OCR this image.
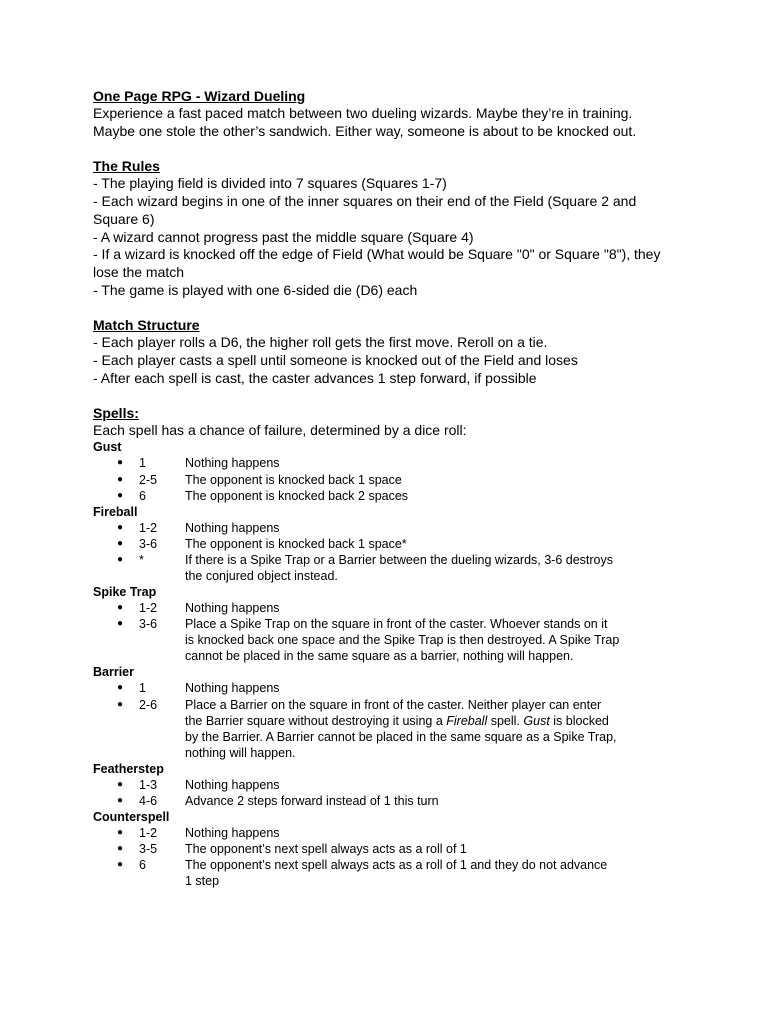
One Page RPG - Wizard Dueling
Experience a fast paced match between two dueling wizards. Maybe they’re in training.
Maybe one stole the other’s sandwich. Either way, someone is about to be knocked out.
The Rules
- The playing field is divided into 7 squares (Squares 1-7)
- Each wizard begins in one of the inner squares on their end of the Field (Square 2 and
Square 6)
- A wizard cannot progress past the middle square (Square 4)
- If a wizard is knocked off the edge of Field (What would be Square "0" or Square "8"), they
lose the match
- The game is played with one 6-sided die (D6) each
Match Structure
- Each player rolls a D6, the higher roll gets the first move. Reroll on a tie.
- Each player casts a spell until someone is knocked out of the Field and loses
- After each spell is cast, the caster advances 1 step forward, if possible
Spells:
Each spell has a chance of failure, determined by a dice roll:
Gust
●	1	Nothing happens
●	2-5	The opponent is knocked back 1 space
●	6	The opponent is knocked back 2 spaces
Fireball
●	1-2	Nothing happens
●	3-6	The opponent is knocked back 1 space*
●	*	If there is a Spike Trap or a Barrier between the dueling wizards, 3-6 destroys
the conjured object instead.
Spike Trap
●	1-2	Nothing happens
●	3-6	Place a Spike Trap on the square in front of the caster. Whoever stands on it
is knocked back one space and the Spike Trap is then destroyed. A Spike Trap
cannot be placed in the same square as a barrier, nothing will happen.
Barrier
●	1	Nothing happens
●	2-6	Place a Barrier on the square in front of the caster. Neither player can enter
the Barrier square without destroying it using a Fireball spell. Gust is blocked
by the Barrier. A Barrier cannot be placed in the same square as a Spike Trap,
nothing will happen.
Featherstep
●	1-3	Nothing happens
●	4-6	Advance 2 steps forward instead of 1 this turn
Counterspell
●	1-2	Nothing happens
●	3-5	The opponent’s next spell always acts as a roll of 1
●	6	The opponent’s next spell always acts as a roll of 1 and they do not advance
1 step
